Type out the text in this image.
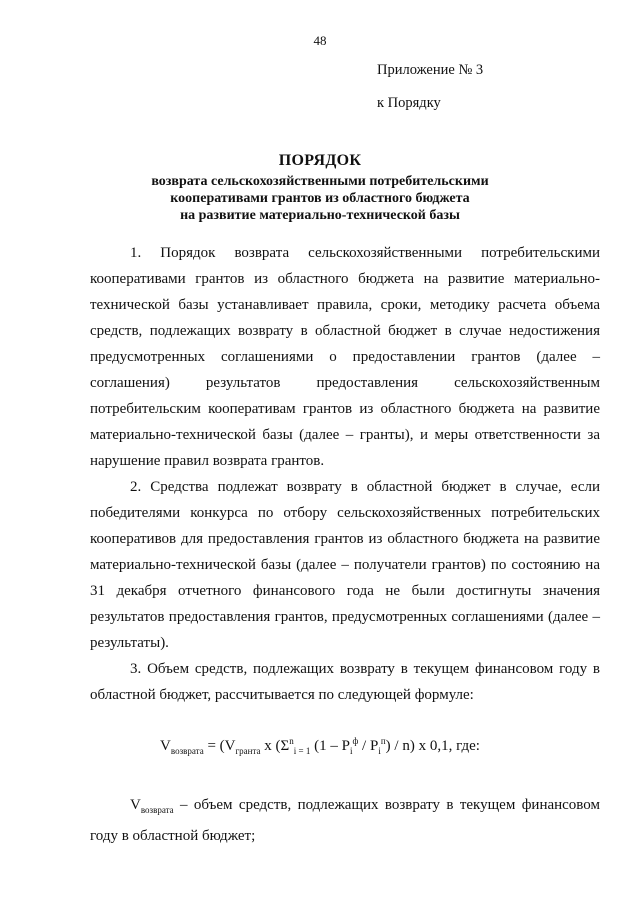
48
Приложение № 3
к Порядку
ПОРЯДОК
возврата сельскохозяйственными потребительскими
кооперативами грантов из областного бюджета
на развитие материально-технической базы

1. Порядок возврата сельскохозяйственными потребительскими кооперативами грантов из областного бюджета на развитие материально-технической базы устанавливает правила, сроки, методику расчета объема средств, подлежащих возврату в областной бюджет в случае недостижения предусмотренных соглашениями о предоставлении грантов (далее – соглашения) результатов предоставления сельскохозяйственным потребительским кооперативам грантов из областного бюджета на развитие материально-технической базы (далее – гранты), и меры ответственности за нарушение правил возврата грантов.

2. Средства подлежат возврату в областной бюджет в случае, если победителями конкурса по отбору сельскохозяйственных потребительских кооперативов для предоставления грантов из областного бюджета на развитие материально-технической базы (далее – получатели грантов) по состоянию на 31 декабря отчетного финансового года не были достигнуты значения результатов предоставления грантов, предусмотренных соглашениями (далее – результаты).

3. Объем средств, подлежащих возврату в текущем финансовом году в областной бюджет, рассчитывается по следующей формуле:

$V_{возврата} = (V_{гранта}$ x ($\Sigma^n_{i = 1}$ $(1 - P_i^ф / P_i^п) / n$) x 0,1, где:

$V_{возврата}$ – объем средств, подлежащих возврату в текущем финансовом году в областной бюджет;
